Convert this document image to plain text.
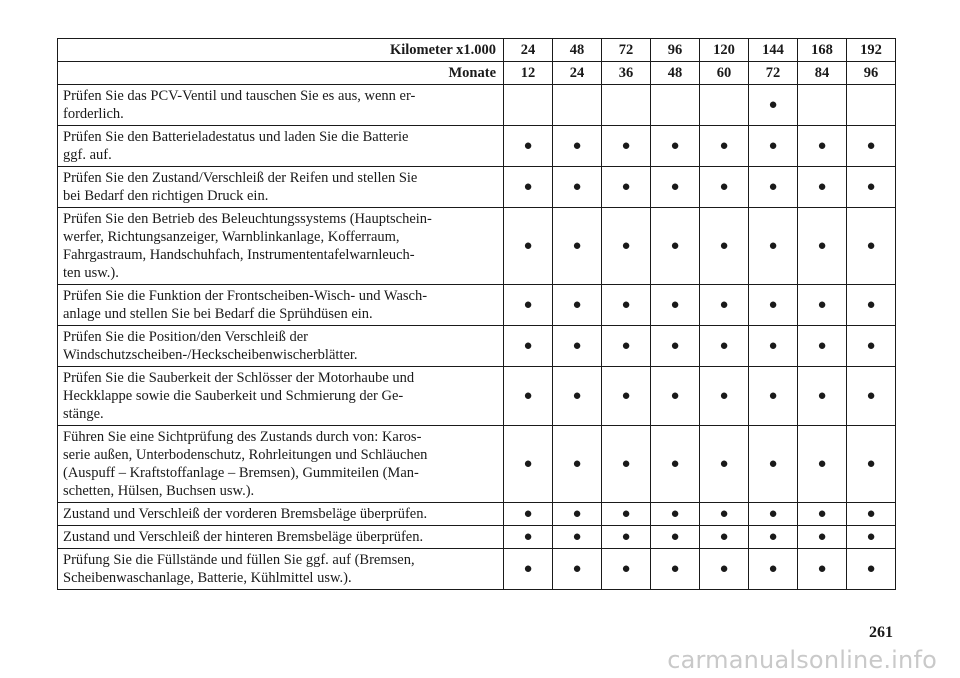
Kilometer x1.000	24	48	72	96	120	144	168	192
Monate	12	24	36	48	60	72	84	96
Prüfen Sie das PCV-Ventil und tauschen Sie es aus, wenn er-
forderlich.						●		
Prüfen Sie den Batterieladestatus und laden Sie die Batterie
ggf. auf.	●	●	●	●	●	●	●	●
Prüfen Sie den Zustand/Verschleiß der Reifen und stellen Sie
bei Bedarf den richtigen Druck ein.	●	●	●	●	●	●	●	●
Prüfen Sie den Betrieb des Beleuchtungssystems (Hauptschein-
werfer, Richtungsanzeiger, Warnblinkanlage, Kofferraum,
Fahrgastraum, Handschuhfach, Instrumententafelwarnleuch-
ten usw.).	●	●	●	●	●	●	●	●
Prüfen Sie die Funktion der Frontscheiben-Wisch- und Wasch-
anlage und stellen Sie bei Bedarf die Sprühdüsen ein.	●	●	●	●	●	●	●	●
Prüfen Sie die Position/den Verschleiß der
Windschutzscheiben-/Heckscheibenwischerblätter.	●	●	●	●	●	●	●	●
Prüfen Sie die Sauberkeit der Schlösser der Motorhaube und
Heckklappe sowie die Sauberkeit und Schmierung der Ge-
stänge.	●	●	●	●	●	●	●	●
Führen Sie eine Sichtprüfung des Zustands durch von: Karos-
serie außen, Unterbodenschutz, Rohrleitungen und Schläuchen
(Auspuff – Kraftstoffanlage – Bremsen), Gummiteilen (Man-
schetten, Hülsen, Buchsen usw.).	●	●	●	●	●	●	●	●
Zustand und Verschleiß der vorderen Bremsbeläge überprüfen.	●	●	●	●	●	●	●	●
Zustand und Verschleiß der hinteren Bremsbeläge überprüfen.	●	●	●	●	●	●	●	●
Prüfung Sie die Füllstände und füllen Sie ggf. auf (Bremsen,
Scheibenwaschanlage, Batterie, Kühlmittel usw.).	●	●	●	●	●	●	●	●
261
carmanualsonline.info
